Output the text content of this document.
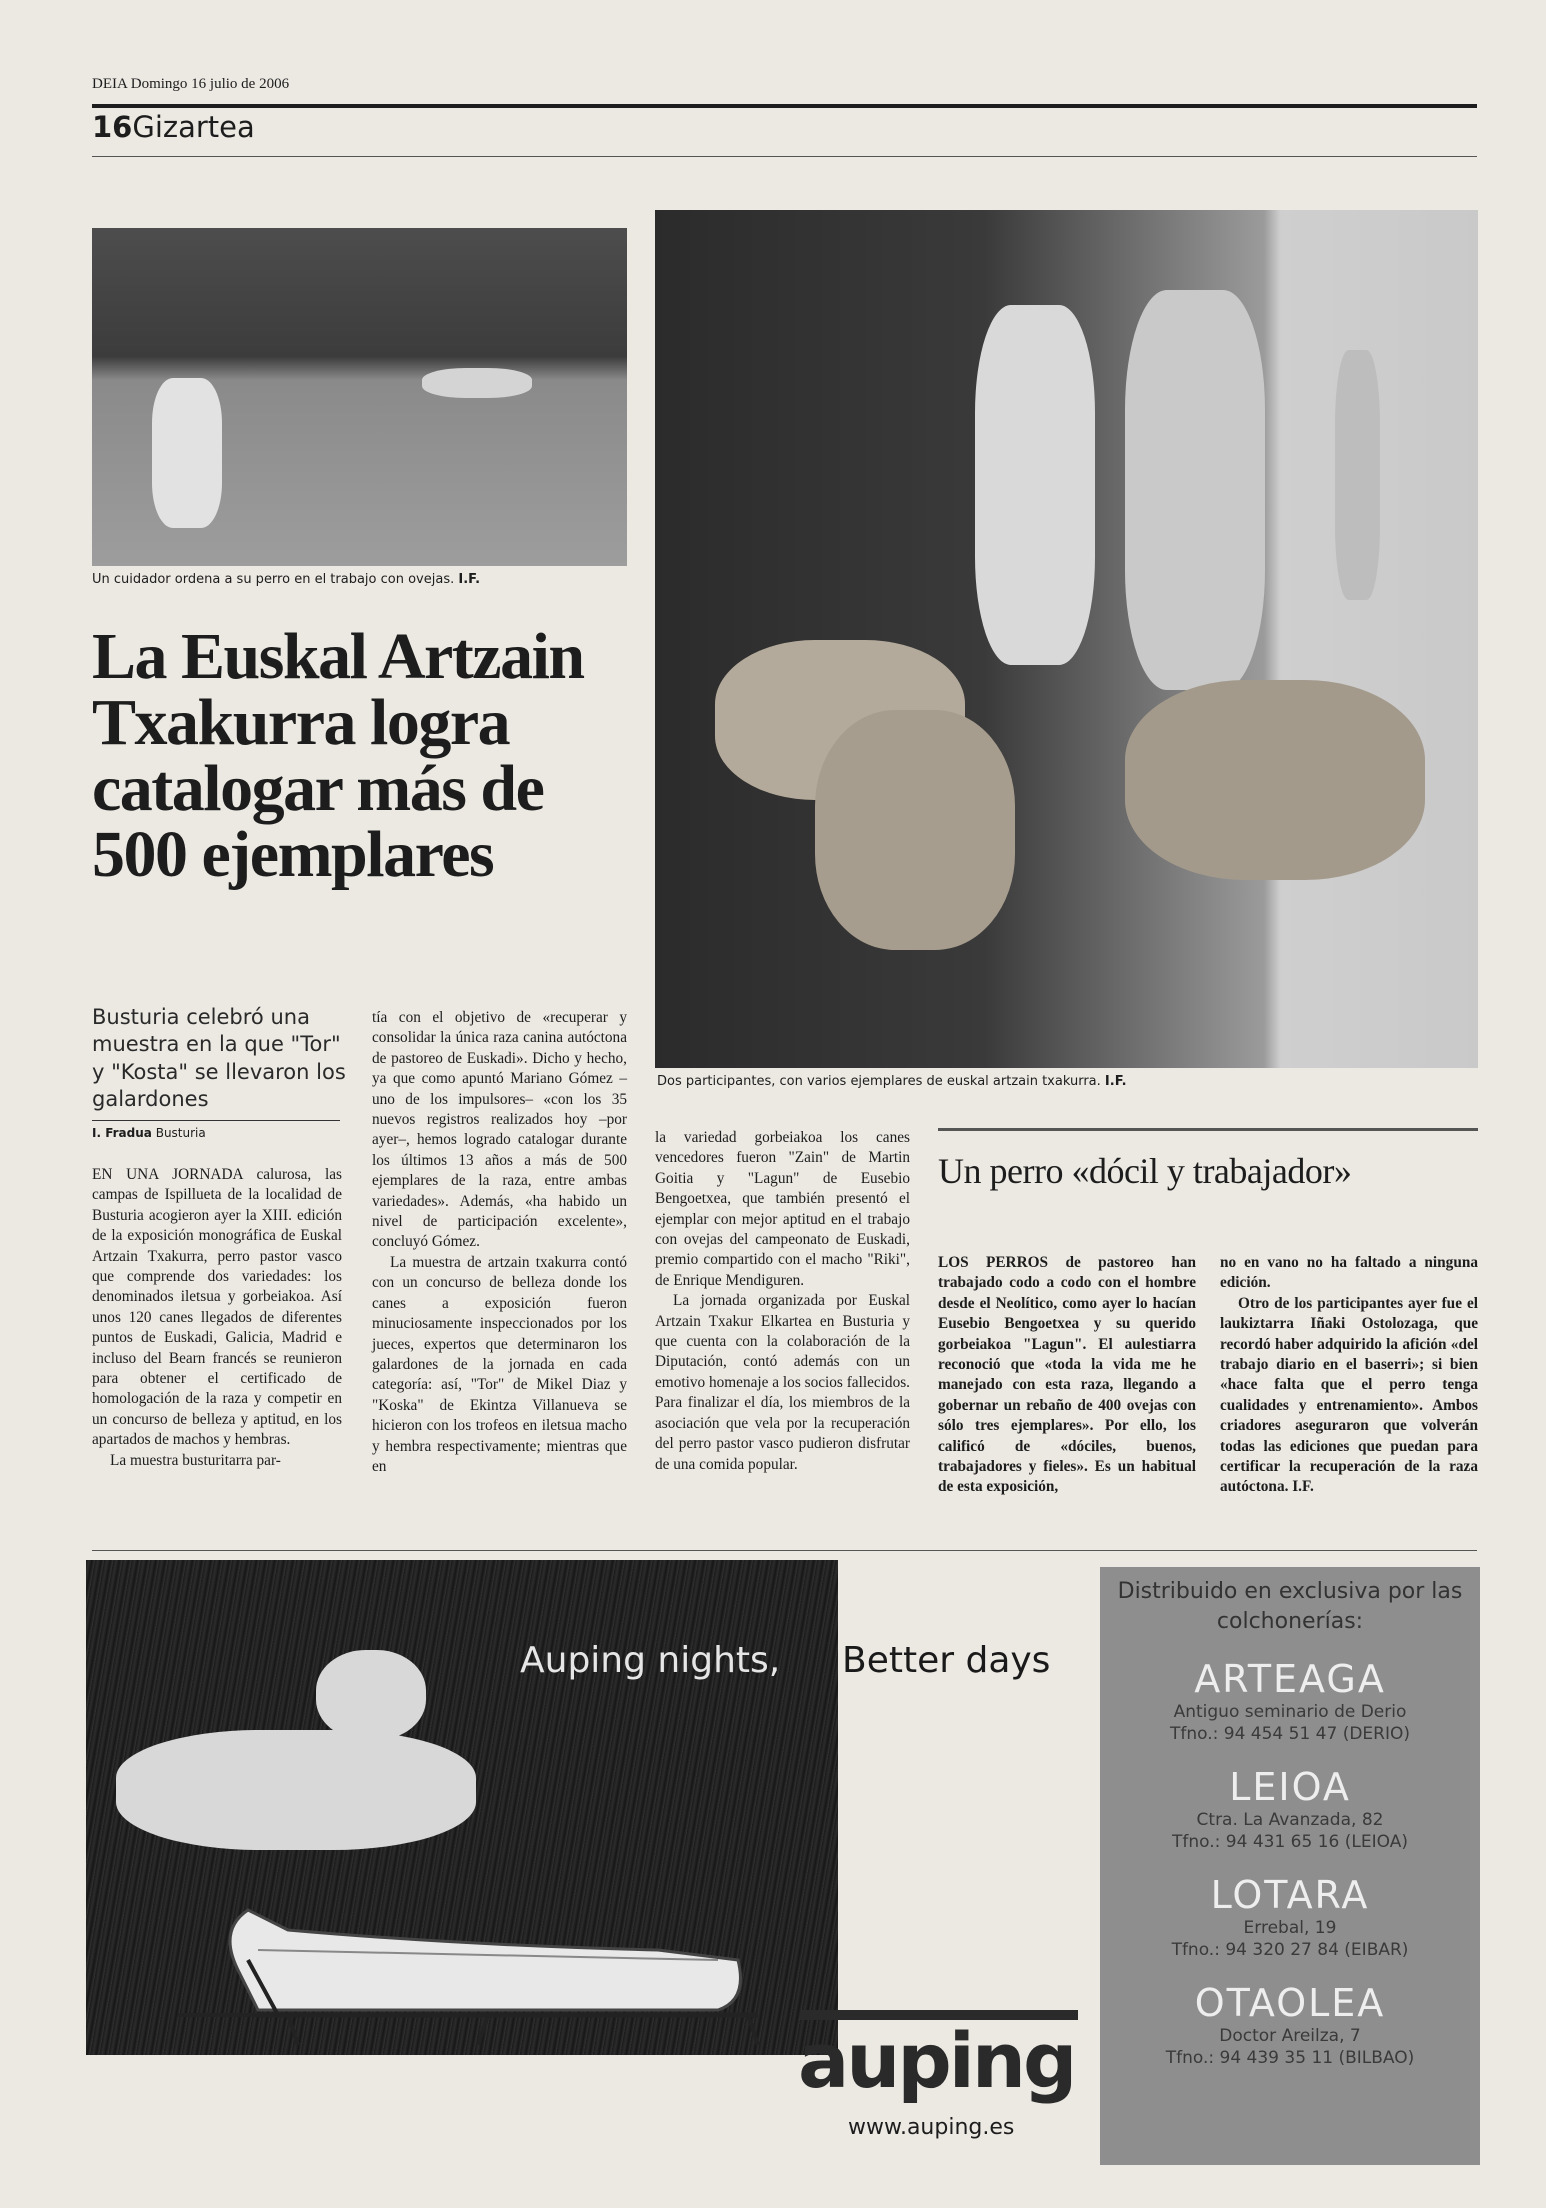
DEIA Domingo 16 julio de 2006
16Gizartea
Un cuidador ordena a su perro en el trabajo con ovejas. I.F.
Dos participantes, con varios ejemplares de euskal artzain txakurra. I.F.
La Euskal Artzain Txakurra logra catalogar más de 500 ejemplares
Busturia celebró una muestra en la que "Tor" y "Kosta" se llevaron los galardones
I. Fradua Busturia

EN UNA JORNADA calurosa, las campas de Ispillueta de la localidad de Busturia acogieron ayer la XIII. edición de la exposición monográfica de Euskal Artzain Txakurra, perro pastor vasco que comprende dos variedades: los denominados iletsua y gorbeiakoa. Así unos 120 canes llegados de diferentes puntos de Euskadi, Galicia, Madrid e incluso del Bearn francés se reunieron para obtener el certificado de homologación de la raza y competir en un concurso de belleza y aptitud, en los apartados de machos y hembras.

La muestra busturitarra par-

tía con el objetivo de «recuperar y consolidar la única raza canina autóctona de pastoreo de Euskadi». Dicho y hecho, ya que como apuntó Mariano Gómez –uno de los impulsores– «con los 35 nuevos registros realizados hoy –por ayer–, hemos logrado catalogar durante los últimos 13 años a más de 500 ejemplares de la raza, entre ambas variedades». Además, «ha habido un nivel de participación excelente», concluyó Gómez.

La muestra de artzain txakurra contó con un concurso de belleza donde los canes a exposición fueron minuciosamente inspeccionados por los jueces, expertos que determinaron los galardones de la jornada en cada categoría: así, "Tor" de Mikel Diaz y "Koska" de Ekintza Villanueva se hicieron con los trofeos en iletsua macho y hembra respectivamente; mientras que en

la variedad gorbeiakoa los canes vencedores fueron "Zain" de Martin Goitia y "Lagun" de Eusebio Bengoetxea, que también presentó el ejemplar con mejor aptitud en el trabajo con ovejas del campeonato de Euskadi, premio compartido con el macho "Riki", de Enrique Mendiguren.

La jornada organizada por Euskal Artzain Txakur Elkartea en Busturia y que cuenta con la colaboración de la Diputación, contó además con un emotivo homenaje a los socios fallecidos. Para finalizar el día, los miembros de la asociación que vela por la recuperación del perro pastor vasco pudieron disfrutar de una comida popular.

Un perro «dócil y trabajador»

LOS PERROS de pastoreo han trabajado codo a codo con el hombre desde el Neolítico, como ayer lo hacían Eusebio Bengoetxea y su querido gorbeiakoa "Lagun". El aulestiarra reconoció que «toda la vida me he manejado con esta raza, llegando a gobernar un rebaño de 400 ovejas con sólo tres ejemplares». Por ello, los calificó de «dóciles, buenos, trabajadores y fieles». Es un habitual de esta exposición,

no en vano no ha faltado a ninguna edición.

Otro de los participantes ayer fue el laukiztarra Iñaki Ostolozaga, que recordó haber adquirido la afición «del trabajo diario en el baserri»; si bien «hace falta que el perro tenga cualidades y entrenamiento». Ambos criadores aseguraron que volverán todas las ediciones que puedan para certificar la recuperación de la raza autóctona. I.F.

Auping nights, Better days
auping
www.auping.es
Distribuido en exclusiva por las colchonerías:
ARTEAGA
Antiguo seminario de Derio
Tfno.: 94 454 51 47 (DERIO)
LEIOA
Ctra. La Avanzada, 82
Tfno.: 94 431 65 16 (LEIOA)
LOTARA
Errebal, 19
Tfno.: 94 320 27 84 (EIBAR)
OTAOLEA
Doctor Areilza, 7
Tfno.: 94 439 35 11 (BILBAO)
